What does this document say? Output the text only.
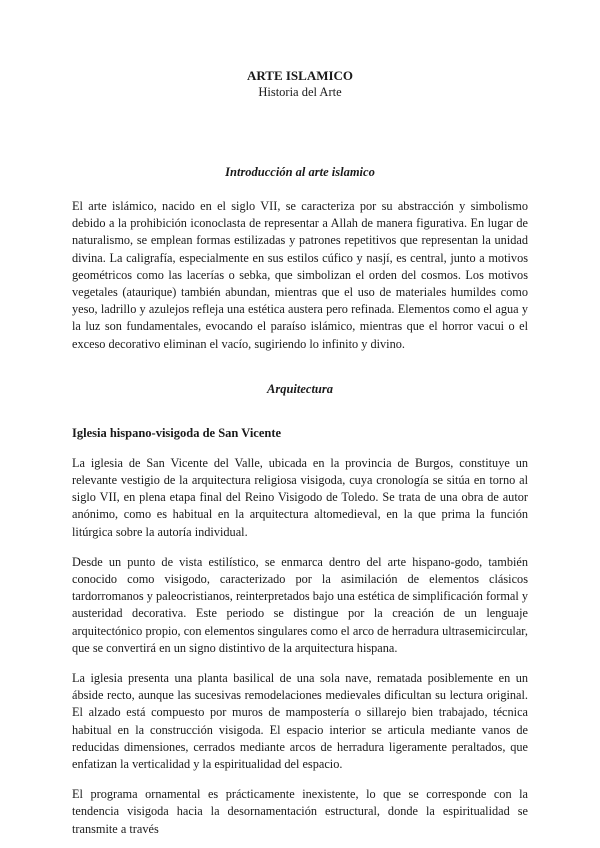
ARTE ISLAMICO

Historia del Arte

Introducción al arte islamico

El arte islámico, nacido en el siglo VII, se caracteriza por su abstracción y simbolismo debido a la prohibición iconoclasta de representar a Allah de manera figurativa. En lugar de naturalismo, se emplean formas estilizadas y patrones repetitivos que representan la unidad divina. La caligrafía, especialmente en sus estilos cúfico y nasjí, es central, junto a motivos geométricos como las lacerías o sebka, que simbolizan el orden del cosmos. Los motivos vegetales (ataurique) también abundan, mientras que el uso de materiales humildes como yeso, ladrillo y azulejos refleja una estética austera pero refinada. Elementos como el agua y la luz son fundamentales, evocando el paraíso islámico, mientras que el horror vacui o el exceso decorativo eliminan el vacío, sugiriendo lo infinito y divino.

Arquitectura
Iglesia hispano-visigoda de San Vicente

La iglesia de San Vicente del Valle, ubicada en la provincia de Burgos, constituye un relevante vestigio de la arquitectura religiosa visigoda, cuya cronología se sitúa en torno al siglo VII, en plena etapa final del Reino Visigodo de Toledo. Se trata de una obra de autor anónimo, como es habitual en la arquitectura altomedieval, en la que prima la función litúrgica sobre la autoría individual.

Desde un punto de vista estilístico, se enmarca dentro del arte hispano-godo, también conocido como visigodo, caracterizado por la asimilación de elementos clásicos tardorromanos y paleocristianos, reinterpretados bajo una estética de simplificación formal y austeridad decorativa. Este periodo se distingue por la creación de un lenguaje arquitectónico propio, con elementos singulares como el arco de herradura ultrasemicircular, que se convertirá en un signo distintivo de la arquitectura hispana.

La iglesia presenta una planta basilical de una sola nave, rematada posiblemente en un ábside recto, aunque las sucesivas remodelaciones medievales dificultan su lectura original. El alzado está compuesto por muros de mampostería o sillarejo bien trabajado, técnica habitual en la construcción visigoda. El espacio interior se articula mediante vanos de reducidas dimensiones, cerrados mediante arcos de herradura ligeramente peraltados, que enfatizan la verticalidad y la espiritualidad del espacio.

El programa ornamental es prácticamente inexistente, lo que se corresponde con la tendencia visigoda hacia la desornamentación estructural, donde la espiritualidad se transmite a través
